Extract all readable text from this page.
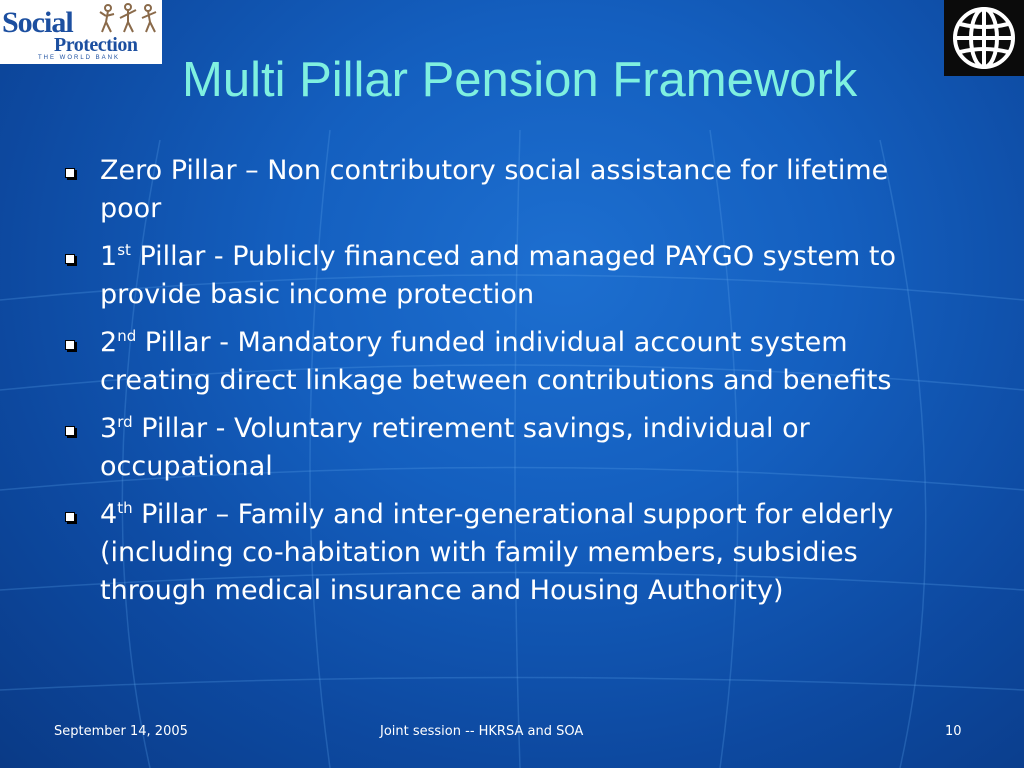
Social
Protection
THE WORLD BANK Multi Pillar Pension Framework
Zero Pillar – Non contributory social assistance for lifetime poor
1st Pillar - Publicly financed and managed PAYGO system to provide basic income protection
2nd Pillar - Mandatory funded individual account system creating direct linkage between contributions and benefits
3rd Pillar - Voluntary retirement savings, individual or occupational
4th Pillar – Family and inter-generational support for elderly (including co-habitation with family members, subsidies through medical insurance and Housing Authority)
September 14, 2005	Joint session -- HKRSA and SOA	10
